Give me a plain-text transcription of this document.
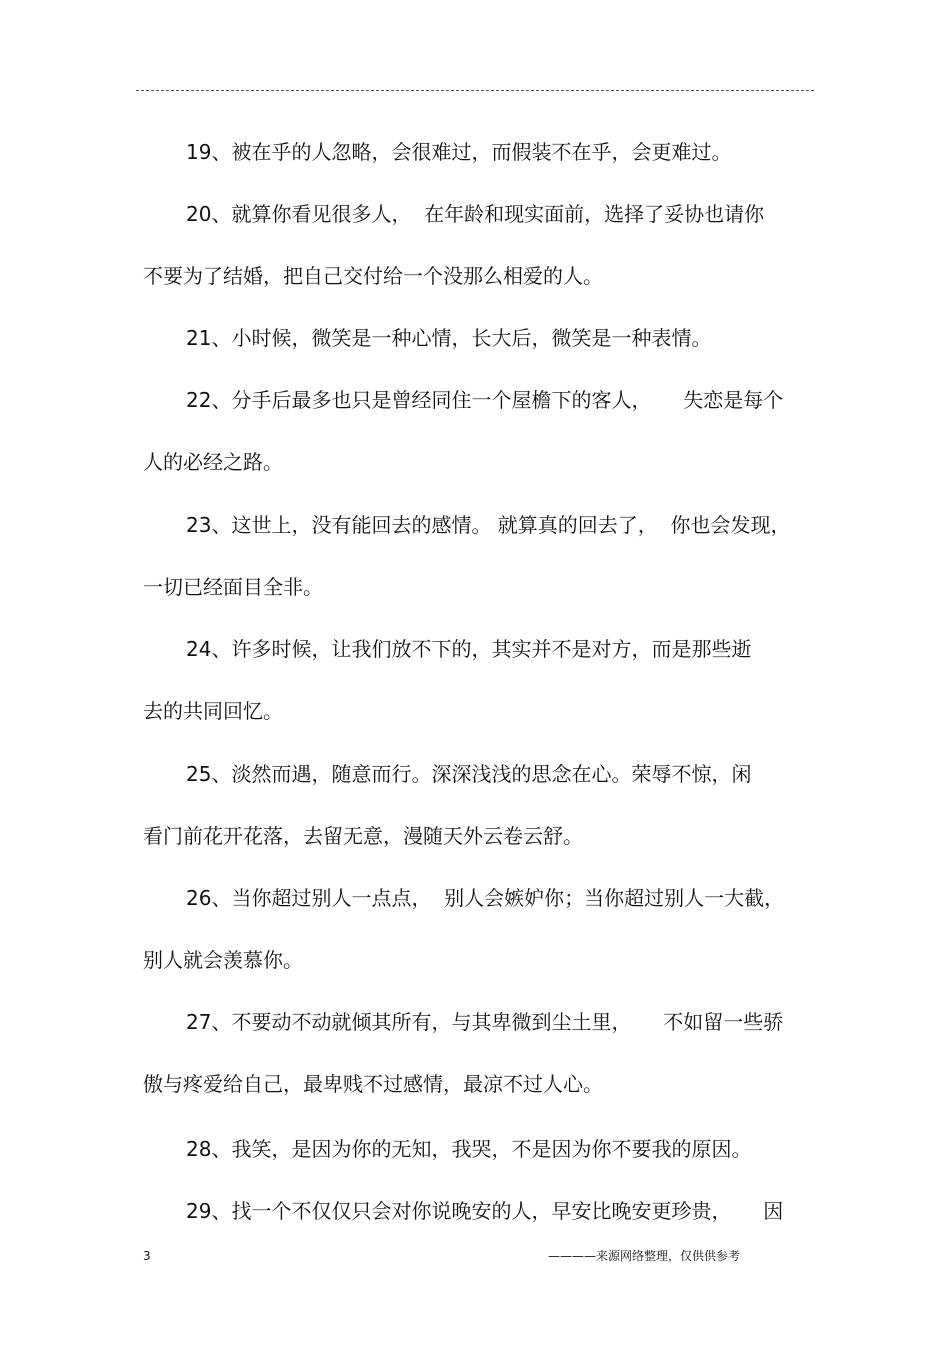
19、被在乎的人忽略，会很难过，而假装不在乎，会更难过。
20、就算你看见很多人，  在年龄和现实面前，选择了妥协也请你
不要为了结婚，把自己交付给一个没那么相爱的人。
21、小时候，微笑是一种心情，长大后，微笑是一种表情。
22、分手后最多也只是曾经同住一个屋檐下的客人，     失恋是每个
人的必经之路。
23、这世上，没有能回去的感情。 就算真的回去了，  你也会发现，
一切已经面目全非。
24、许多时候，让我们放不下的，其实并不是对方，而是那些逝
去的共同回忆。
25、淡然而遇，随意而行。深深浅浅的思念在心。荣辱不惊，闲
看门前花开花落，去留无意，漫随天外云卷云舒。
26、当你超过别人一点点，  别人会嫉妒你；当你超过别人一大截，
别人就会羡慕你。
27、不要动不动就倾其所有，与其卑微到尘土里，     不如留一些骄
傲与疼爱给自己，最卑贱不过感情，最凉不过人心。
28、我笑，是因为你的无知，我哭，不是因为你不要我的原因。
29、找一个不仅仅只会对你说晚安的人，早安比晚安更珍贵，     因
3	————来源网络整理，仅供供参考
